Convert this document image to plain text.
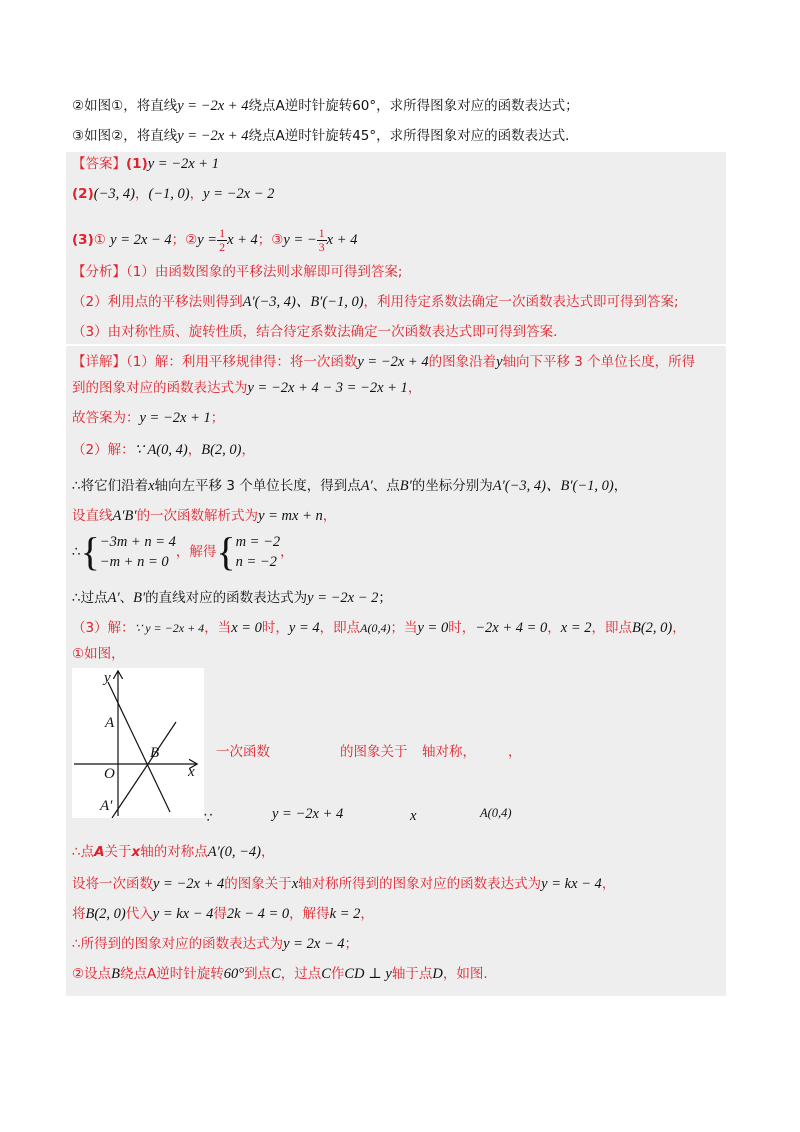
②如图①，将直线y = −2x + 4绕点A逆时针旋转60°，求所得图象对应的函数表达式；
③如图②，将直线y = −2x + 4绕点A逆时针旋转45°，求所得图象对应的函数表达式．
【答案】(1)y = −2x + 1
(2)(−3, 4)，(−1, 0)，y = −2x − 2
(3)① y = 2x − 4；②y = $\frac{1}{2}$ x + 4；③y = − $\frac{1}{3}$ x + 4
【分析】（1）由函数图象的平移法则求解即可得到答案;
（2）利用点的平移法则得到A′(−3, 4)、B′(−1, 0)，利用待定系数法确定一次函数表达式即可得到答案;
（3）由对称性质、旋转性质，结合待定系数法确定一次函数表达式即可得到答案．
【详解】（1）解：利用平移规律得：将一次函数y = −2x + 4的图象沿着y轴向下平移 3 个单位长度，所得
到的图象对应的函数表达式为y = −2x + 4 − 3 = −2x + 1，
故答案为：y = −2x + 1；
（2）解：∵ A(0, 4)，B(2, 0)，
∴将它们沿着x轴向左平移 3 个单位长度，得到点A′、点B′的坐标分别为A′(−3, 4)、B′(−1, 0)，
设直线A′B′的一次函数解析式为y = mx + n，
∴{ −3m + n = 4
−m + n = 0
，解得{ m = −2
n = −2
，
∴过点A′、B′的直线对应的函数表达式为y = −2x − 2；
（3）解：∵ y = −2x + 4，当x = 0时，y = 4，即点A(0,4)；当y = 0时，−2x + 4 = 0，x = 2，即点B(2, 0)，
①如图，
y
x
A
B
O
A′
一次函数	的图象关于 轴对称， ，
∵	y = −2x + 4	x	A(0,4)
∴点A关于x轴的对称点A′(0, −4)，
设将一次函数y = −2x + 4的图象关于x轴对称所得到的图象对应的函数表达式为y = kx − 4，
将B(2, 0)代入y = kx − 4得2k − 4 = 0，解得k = 2，
∴所得到的图象对应的函数表达式为y = 2x − 4；
②设点B绕点A逆时针旋转60°到点C，过点C作CD ⊥ y轴于点D，如图.
